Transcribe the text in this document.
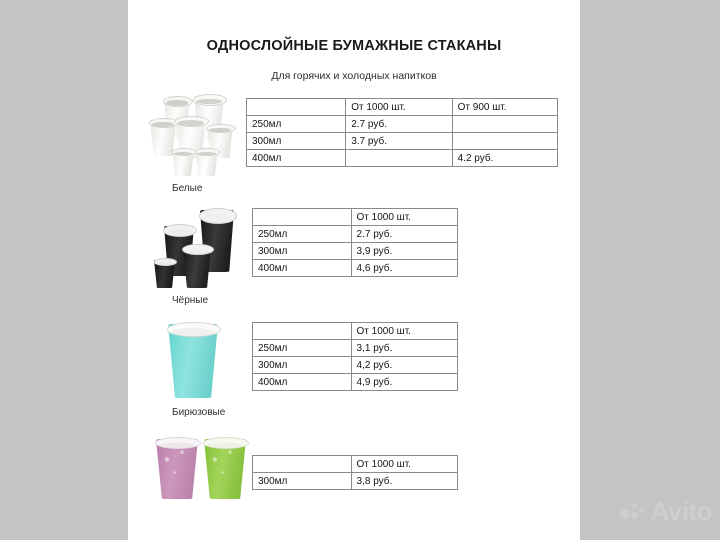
ОДНОСЛОЙНЫЕ БУМАЖНЫЕ СТАКАНЫ
Для горячих и холодных напитков
Белые
	От 1000 шт.	От 900 шт.
250мл	2.7 руб.	
300мл	3.7 руб.	
400мл		4.2 руб.
Чёрные
	От 1000 шт.
250мл	2.7 руб.
300мл	3,9 руб.
400мл	4,6 руб.
Бирюзовые
	От 1000 шт.
250мл	3,1 руб.
300мл	4,2 руб.
400мл	4,9 руб.
	От 1000 шт.
300мл	3,8 руб.
Avito
